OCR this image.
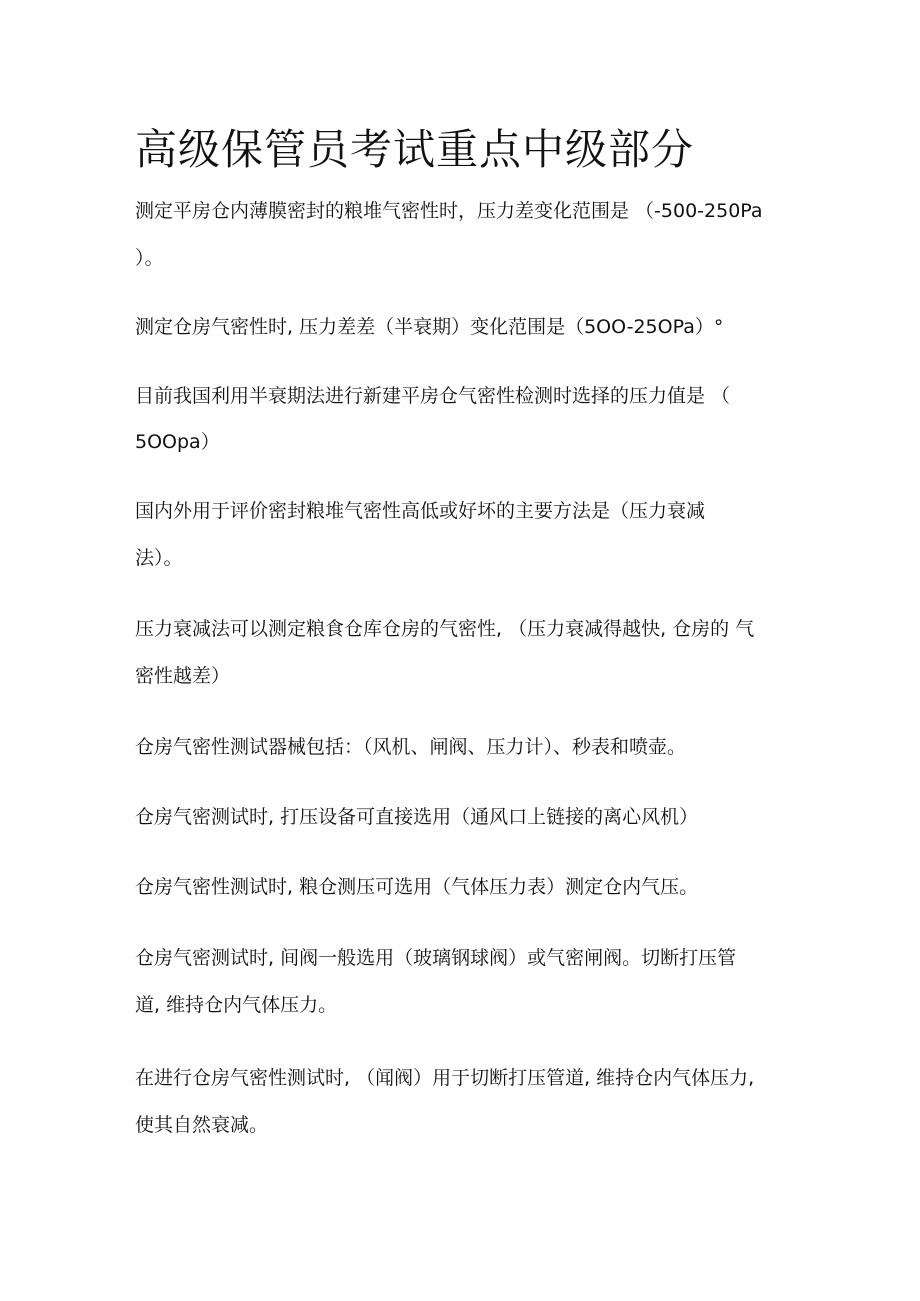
高级保管员考试重点中级部分

测定平房仓内薄膜密封的粮堆气密性时，压力差变化范围是 （-500-250Pa
）。

测定仓房气密性时, 压力差差（半衰期）变化范围是（5OO-25OPa）°

目前我国利用半衰期法进行新建平房仓气密性检测时选择的压力值是 （
5OOpa）

国内外用于评价密封粮堆气密性高低或好坏的主要方法是（压力衰减
法）。

压力衰减法可以测定粮食仓库仓房的气密性, （压力衰减得越快, 仓房的 气
密性越差）

仓房气密性测试器械包括：（风机、闸阀、压力计）、秒表和喷壶。

仓房气密测试时, 打压设备可直接选用（通风口上链接的离心风机）

仓房气密性测试时, 粮仓测压可选用（气体压力表）测定仓内气压。

仓房气密测试时, 间阀一般选用（玻璃钢球阀）或气密闸阀。切断打压管
道, 维持仓内气体压力。

在进行仓房气密性测试时, （闻阀）用于切断打压管道, 维持仓内气体压力,
使其自然衰减。
